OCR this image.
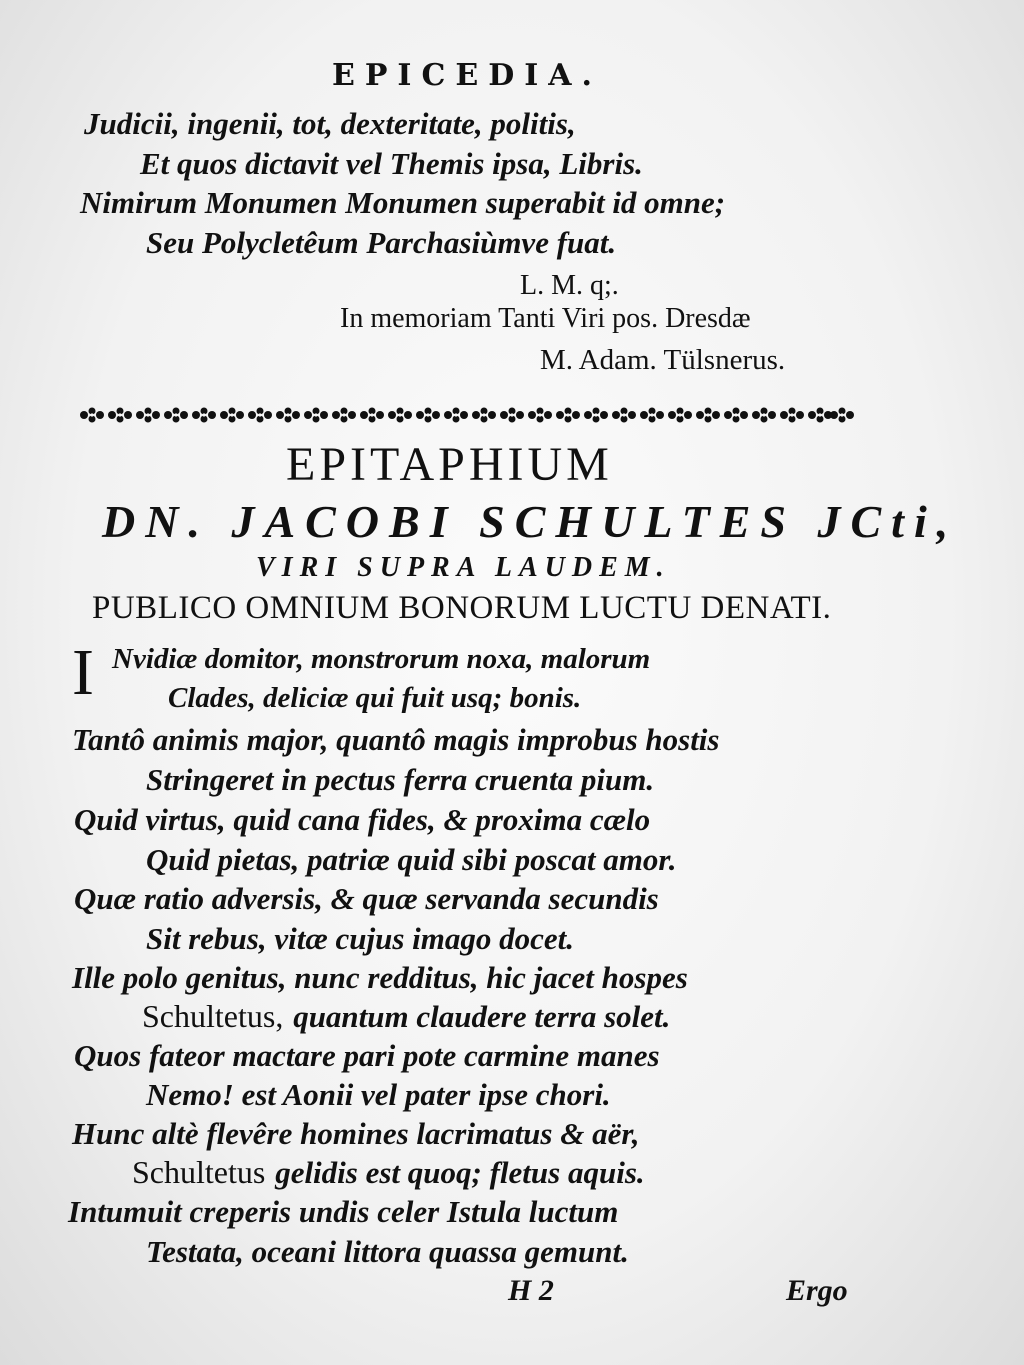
EPICEDIA.
Judicii, ingenii, tot, dexteritate, politis,
Et quos dictavit vel Themis ipsa, Libris.
Nimirum Monumen Monumen superabit id omne;
Seu Polycletêum Parchasiùmve fuat.
L. M. q;.
In memoriam Tanti Viri pos. Dresdæ
M. Adam. Tülsnerus.
EPITAPHIUM
DN. JACOBI SCHULTES JCti,
VIRI SUPRA LAUDEM.
PUBLICO OMNIUM BONORUM LUCTU DENATI.
I Nvidiæ domitor, monstrorum noxa, malorum
Clades, deliciæ qui fuit usq; bonis.
Tantô animis major, quantô magis improbus hostis
Stringeret in pectus ferra cruenta pium.
Quid virtus, quid cana fides, & proxima cælo
Quid pietas, patriæ quid sibi poscat amor.
Quæ ratio adversis, & quæ servanda secundis
Sit rebus, vitæ cujus imago docet.
Ille polo genitus, nunc redditus, hic jacet hospes
Schultetus, quantum claudere terra solet.
Quos fateor mactare pari pote carmine manes
Nemo! est Aonii vel pater ipse chori.
Hunc altè flevêre homines lacrimatus & aër,
Schultetus gelidis est quoq; fletus aquis.
Intumuit creperis undis celer Istula luctum
Testata, oceani littora quassa gemunt.
H 2	Ergo
